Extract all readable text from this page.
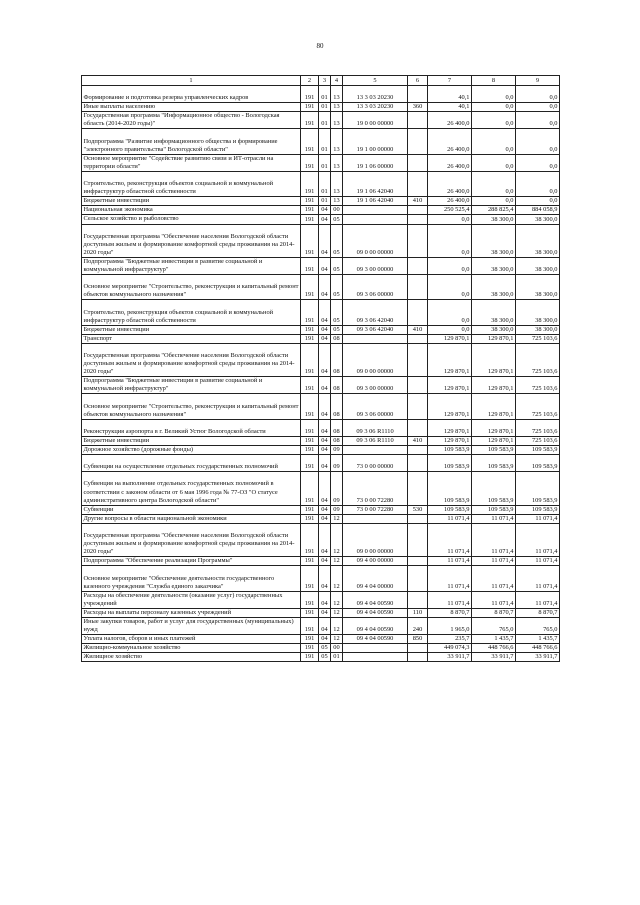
80
1	2	3	4	5	6	7	8	9
Формирование и подготовка резерва управленческих кадров	191	01	13	13 3 03 20230		40,1	0,0	0,0
Иные выплаты населению	191	01	13	13 3 03 20230	360	40,1	0,0	0,0
Государственная программа "Информационное общество - Вологодская область (2014-2020 годы)"	191	01	13	19 0 00 00000		26 400,0	0,0	0,0
Подпрограмма "Развитие информационного общества и формирование "электронного правительства" Вологодской области"	191	01	13	19 1 00 00000		26 400,0	0,0	0,0
Основное мероприятие "Содействие развитию связи и ИТ-отрасли на территории области"	191	01	13	19 1 06 00000		26 400,0	0,0	0,0
Строительство, реконструкция объектов социальной и коммунальной инфраструктур областной собственности	191	01	13	19 1 06 42040		26 400,0	0,0	0,0
Бюджетные инвестиции	191	01	13	19 1 06 42040	410	26 400,0	0,0	0,0
Национальная экономика	191	04	00			250 525,4	288 825,4	884 058,9
Сельское хозяйство и рыболовство	191	04	05			0,0	38 300,0	38 300,0
Государственная программа "Обеспечение населения Вологодской области доступным жильем и формирование комфортной среды проживания на 2014-2020 годы"	191	04	05	09 0 00 00000		0,0	38 300,0	38 300,0
Подпрограмма "Бюджетные инвестиции в развитие социальной и коммунальной инфраструктур"	191	04	05	09 3 00 00000		0,0	38 300,0	38 300,0
Основное мероприятие "Строительство, реконструкция и капитальный ремонт объектов коммунального назначения"	191	04	05	09 3 06 00000		0,0	38 300,0	38 300,0
Строительство, реконструкция объектов социальной и коммунальной инфраструктур областной собственности	191	04	05	09 3 06 42040		0,0	38 300,0	38 300,0
Бюджетные инвестиции	191	04	05	09 3 06 42040	410	0,0	38 300,0	38 300,0
Транспорт	191	04	08			129 870,1	129 870,1	725 103,6
Государственная программа "Обеспечение населения Вологодской области доступным жильем и формирование комфортной среды проживания на 2014-2020 годы"	191	04	08	09 0 00 00000		129 870,1	129 870,1	725 103,6
Подпрограмма "Бюджетные инвестиции в развитие социальной и коммунальной инфраструктур"	191	04	08	09 3 00 00000		129 870,1	129 870,1	725 103,6
Основное мероприятие "Строительство, реконструкция и капитальный ремонт объектов коммунального назначения"	191	04	08	09 3 06 00000		129 870,1	129 870,1	725 103,6
Реконструкция аэропорта в г. Великий Устюг Вологодской области	191	04	08	09 3 06 R1110		129 870,1	129 870,1	725 103,6
Бюджетные инвестиции	191	04	08	09 3 06 R1110	410	129 870,1	129 870,1	725 103,6
Дорожное хозяйство (дорожные фонды)	191	04	09			109 583,9	109 583,9	109 583,9
Субвенции на осуществление отдельных государственных полномочий	191	04	09	73 0 00 00000		109 583,9	109 583,9	109 583,9
Субвенция на выполнение отдельных государственных полномочий в соответствии с законом области от 6 мая 1996 года № 77-ОЗ "О статусе административного центра Вологодской области"	191	04	09	73 0 00 72280		109 583,9	109 583,9	109 583,9
Субвенции	191	04	09	73 0 00 72280	530	109 583,9	109 583,9	109 583,9
Другие вопросы в области национальной экономики	191	04	12			11 071,4	11 071,4	11 071,4
Государственная программа "Обеспечение населения Вологодской области доступным жильем и формирование комфортной среды проживания на 2014-2020 годы"	191	04	12	09 0 00 00000		11 071,4	11 071,4	11 071,4
Подпрограмма "Обеспечение реализации Программы"	191	04	12	09 4 00 00000		11 071,4	11 071,4	11 071,4
Основное мероприятие "Обеспечение деятельности государственного казенного учреждения "Служба единого заказчика"	191	04	12	09 4 04 00000		11 071,4	11 071,4	11 071,4
Расходы на обеспечение деятельности (оказание услуг) государственных учреждений	191	04	12	09 4 04 00590		11 071,4	11 071,4	11 071,4
Расходы на выплаты персоналу казенных учреждений	191	04	12	09 4 04 00590	110	8 870,7	8 870,7	8 870,7
Иные закупки товаров, работ и услуг для государственных (муниципальных) нужд	191	04	12	09 4 04 00590	240	1 965,0	765,0	765,0
Уплата налогов, сборов и иных платежей	191	04	12	09 4 04 00590	850	235,7	1 435,7	1 435,7
Жилищно-коммунальное хозяйство	191	05	00			449 074,3	448 766,6	448 766,6
Жилищное хозяйство	191	05	01			33 911,7	33 911,7	33 911,7
